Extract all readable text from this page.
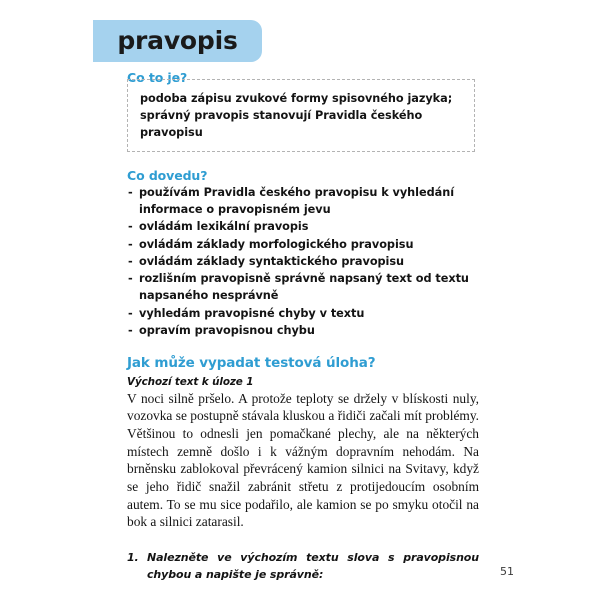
pravopis
Co to je?
podoba zápisu zvukové formy spisovného jazyka;
správný pravopis stanovují Pravidla českého pravopisu
Co dovedu?
- používám Pravidla českého pravopisu k vyhledání informace o pravopisném jevu
- ovládám lexikální pravopis
- ovládám základy morfologického pravopisu
- ovládám základy syntaktického pravopisu
- rozlišním pravopisně správně napsaný text od textu napsaného nesprávně
- vyhledám pravopisné chyby v textu
- opravím pravopisnou chybu
Jak může vypadat testová úloha?
Výchozí text k úloze 1

V noci silně pršelo. A protože teploty se držely v blískosti nuly, vozovka se postupně stávala kluskou a řidiči začali mít problémy. Většinou to odnesli jen pomačkané plechy, ale na některých místech zemně došlo i k vážným dopravním nehodám. Na brněnsku zablokoval převrácený kamion silnici na Svitavy, když se jeho řidič snažil zabránit střetu z protijedoucím osobním autem. To se mu sice podařilo, ale kamion se po smyku otočil na bok a silnici zatarasil.

1. Nalezněte ve výchozím textu slova s pravopisnou chybou a napište je správně:	51
